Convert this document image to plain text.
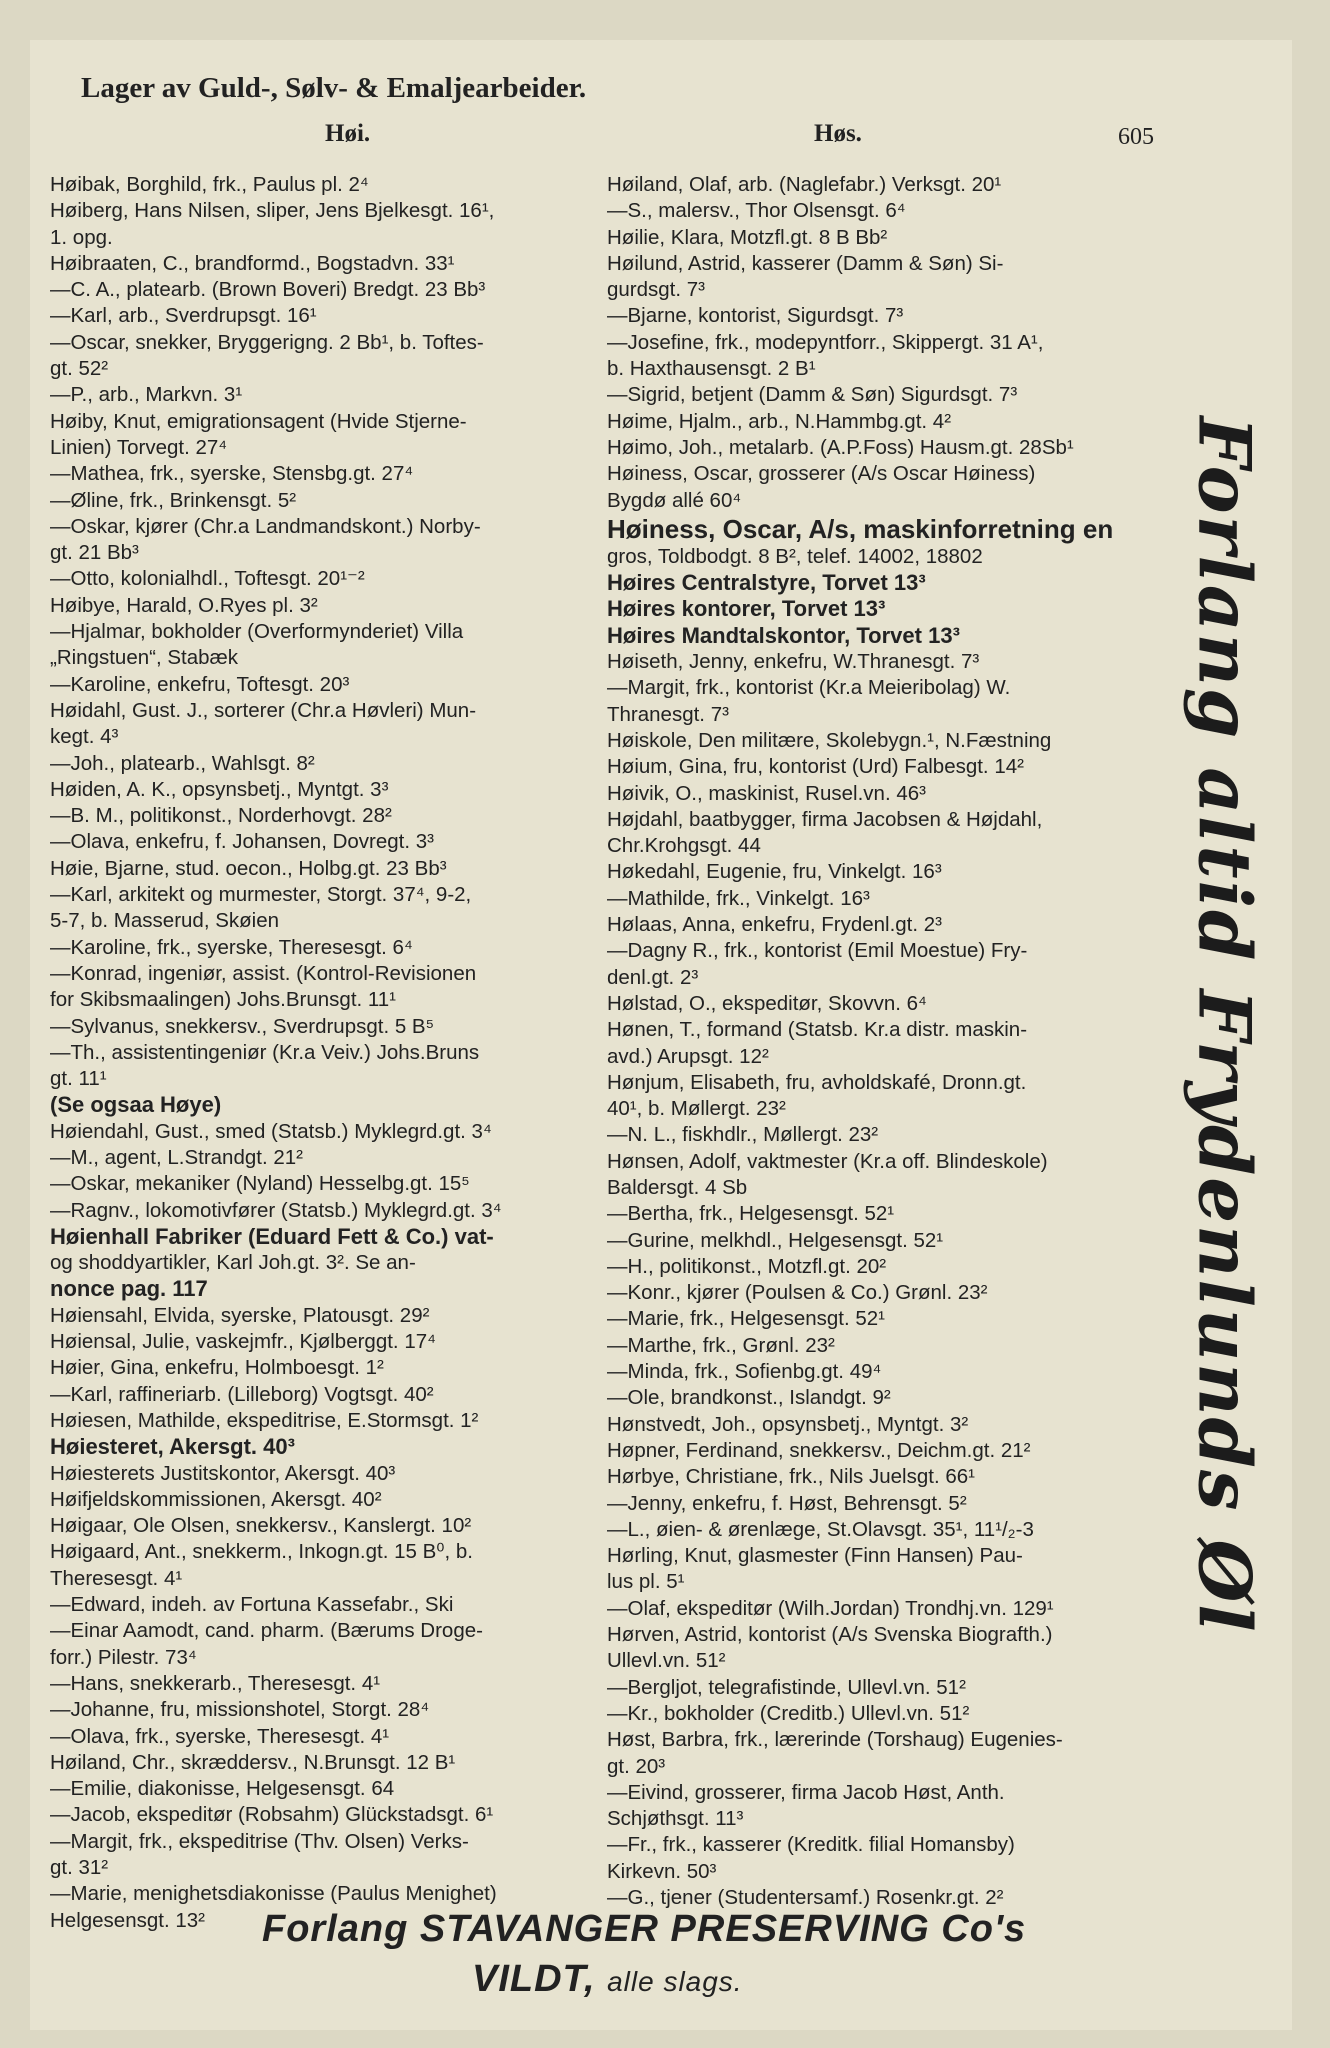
Lager av Guld-, Sølv- & Emaljearbeider.
Høi.	Høs.	605

Høibak, Borghild, frk., Paulus pl. 2⁴

Høiberg, Hans Nilsen, sliper, Jens Bjelkesgt. 16¹,

1. opg.

Høibraaten, C., brandformd., Bogstadvn. 33¹

—C. A., platearb. (Brown Boveri) Bredgt. 23 Bb³

—Karl, arb., Sverdrupsgt. 16¹

—Oscar, snekker, Bryggerigng. 2 Bb¹, b. Toftes-

gt. 52²

—P., arb., Markvn. 3¹

Høiby, Knut, emigrationsagent (Hvide Stjerne-

Linien) Torvegt. 27⁴

—Mathea, frk., syerske, Stensbg.gt. 27⁴

—Øline, frk., Brinkensgt. 5²

—Oskar, kjører (Chr.a Landmandskont.) Norby-

gt. 21 Bb³

—Otto, kolonialhdl., Toftesgt. 20¹⁻²

Høibye, Harald, O.Ryes pl. 3²

—Hjalmar, bokholder (Overformynderiet) Villa

„Ringstuen“, Stabæk

—Karoline, enkefru, Toftesgt. 20³

Høidahl, Gust. J., sorterer (Chr.a Høvleri) Mun-

kegt. 4³

—Joh., platearb., Wahlsgt. 8²

Høiden, A. K., opsynsbetj., Myntgt. 3³

—B. M., politikonst., Norderhovgt. 28²

—Olava, enkefru, f. Johansen, Dovregt. 3³

Høie, Bjarne, stud. oecon., Holbg.gt. 23 Bb³

—Karl, arkitekt og murmester, Storgt. 37⁴, 9-2,

5-7, b. Masserud, Skøien

—Karoline, frk., syerske, Theresesgt. 6⁴

—Konrad, ingeniør, assist. (Kontrol-Revisionen

for Skibsmaalingen) Johs.Brunsgt. 11¹

—Sylvanus, snekkersv., Sverdrupsgt. 5 B⁵

—Th., assistentingeniør (Kr.a Veiv.) Johs.Bruns

gt. 11¹

(Se ogsaa Høye)

Høiendahl, Gust., smed (Statsb.) Myklegrd.gt. 3⁴

—M., agent, L.Strandgt. 21²

—Oskar, mekaniker (Nyland) Hesselbg.gt. 15⁵

—Ragnv., lokomotivfører (Statsb.) Myklegrd.gt. 3⁴

Høienhall Fabriker (Eduard Fett & Co.) vat-

og shoddyartikler, Karl Joh.gt. 3². Se an-

nonce pag. 117

Høiensahl, Elvida, syerske, Platousgt. 29²

Høiensal, Julie, vaskejmfr., Kjølberggt. 17⁴

Høier, Gina, enkefru, Holmboesgt. 1²

—Karl, raffineriarb. (Lilleborg) Vogtsgt. 40²

Høiesen, Mathilde, ekspeditrise, E.Stormsgt. 1²

Høiesteret, Akersgt. 40³

Høiesterets Justitskontor, Akersgt. 40³

Høifjeldskommissionen, Akersgt. 40²

Høigaar, Ole Olsen, snekkersv., Kanslergt. 10²

Høigaard, Ant., snekkerm., Inkogn.gt. 15 B⁰, b.

Theresesgt. 4¹

—Edward, indeh. av Fortuna Kassefabr., Ski

—Einar Aamodt, cand. pharm. (Bærums Droge-

forr.) Pilestr. 73⁴

—Hans, snekkerarb., Theresesgt. 4¹

—Johanne, fru, missionshotel, Storgt. 28⁴

—Olava, frk., syerske, Theresesgt. 4¹

Høiland, Chr., skræddersv., N.Brunsgt. 12 B¹

—Emilie, diakonisse, Helgesensgt. 64

—Jacob, ekspeditør (Robsahm) Glückstadsgt. 6¹

—Margit, frk., ekspeditrise (Thv. Olsen) Verks-

gt. 31²

—Marie, menighetsdiakonisse (Paulus Menighet)

Helgesensgt. 13²

Høiland, Olaf, arb. (Naglefabr.) Verksgt. 20¹

—S., malersv., Thor Olsensgt. 6⁴

Høilie, Klara, Motzfl.gt. 8 B Bb²

Høilund, Astrid, kasserer (Damm & Søn) Si-

gurdsgt. 7³

—Bjarne, kontorist, Sigurdsgt. 7³

—Josefine, frk., modepyntforr., Skippergt. 31 A¹,

b. Haxthausensgt. 2 B¹

—Sigrid, betjent (Damm & Søn) Sigurdsgt. 7³

Høime, Hjalm., arb., N.Hammbg.gt. 4²

Høimo, Joh., metalarb. (A.P.Foss) Hausm.gt. 28Sb¹

Høiness, Oscar, grosserer (A/s Oscar Høiness)

Bygdø allé 60⁴

Høiness, Oscar, A/s, maskinforretning en

gros, Toldbodgt. 8 B², telef. 14002, 18802

Høires Centralstyre, Torvet 13³

Høires kontorer, Torvet 13³

Høires Mandtalskontor, Torvet 13³

Høiseth, Jenny, enkefru, W.Thranesgt. 7³

—Margit, frk., kontorist (Kr.a Meieribolag) W.

Thranesgt. 7³

Høiskole, Den militære, Skolebygn.¹, N.Fæstning

Høium, Gina, fru, kontorist (Urd) Falbesgt. 14²

Høivik, O., maskinist, Rusel.vn. 46³

Højdahl, baatbygger, firma Jacobsen & Højdahl,

Chr.Krohgsgt. 44

Høkedahl, Eugenie, fru, Vinkelgt. 16³

—Mathilde, frk., Vinkelgt. 16³

Hølaas, Anna, enkefru, Frydenl.gt. 2³

—Dagny R., frk., kontorist (Emil Moestue) Fry-

denl.gt. 2³

Hølstad, O., ekspeditør, Skovvn. 6⁴

Hønen, T., formand (Statsb. Kr.a distr. maskin-

avd.) Arupsgt. 12²

Hønjum, Elisabeth, fru, avholdskafé, Dronn.gt.

40¹, b. Møllergt. 23²

—N. L., fiskhdlr., Møllergt. 23²

Hønsen, Adolf, vaktmester (Kr.a off. Blindeskole)

Baldersgt. 4 Sb

—Bertha, frk., Helgesensgt. 52¹

—Gurine, melkhdl., Helgesensgt. 52¹

—H., politikonst., Motzfl.gt. 20²

—Konr., kjører (Poulsen & Co.) Grønl. 23²

—Marie, frk., Helgesensgt. 52¹

—Marthe, frk., Grønl. 23²

—Minda, frk., Sofienbg.gt. 49⁴

—Ole, brandkonst., Islandgt. 9²

Hønstvedt, Joh., opsynsbetj., Myntgt. 3²

Høpner, Ferdinand, snekkersv., Deichm.gt. 21²

Hørbye, Christiane, frk., Nils Juelsgt. 66¹

—Jenny, enkefru, f. Høst, Behrensgt. 5²

—L., øien- & ørenlæge, St.Olavsgt. 35¹, 11¹/₂-3

Hørling, Knut, glasmester (Finn Hansen) Pau-

lus pl. 5¹

—Olaf, ekspeditør (Wilh.Jordan) Trondhj.vn. 129¹

Hørven, Astrid, kontorist (A/s Svenska Biografth.)

Ullevl.vn. 51²

—Bergljot, telegrafistinde, Ullevl.vn. 51²

—Kr., bokholder (Creditb.) Ullevl.vn. 51²

Høst, Barbra, frk., lærerinde (Torshaug) Eugenies-

gt. 20³

—Eivind, grosserer, firma Jacob Høst, Anth.

Schjøthsgt. 11³

—Fr., frk., kasserer (Kreditk. filial Homansby)

Kirkevn. 50³

—G., tjener (Studentersamf.) Rosenkr.gt. 2²

Forlang altid Frydenlunds Øl
Forlang STAVANGER PRESERVING Co's
VILDT, alle slags.
